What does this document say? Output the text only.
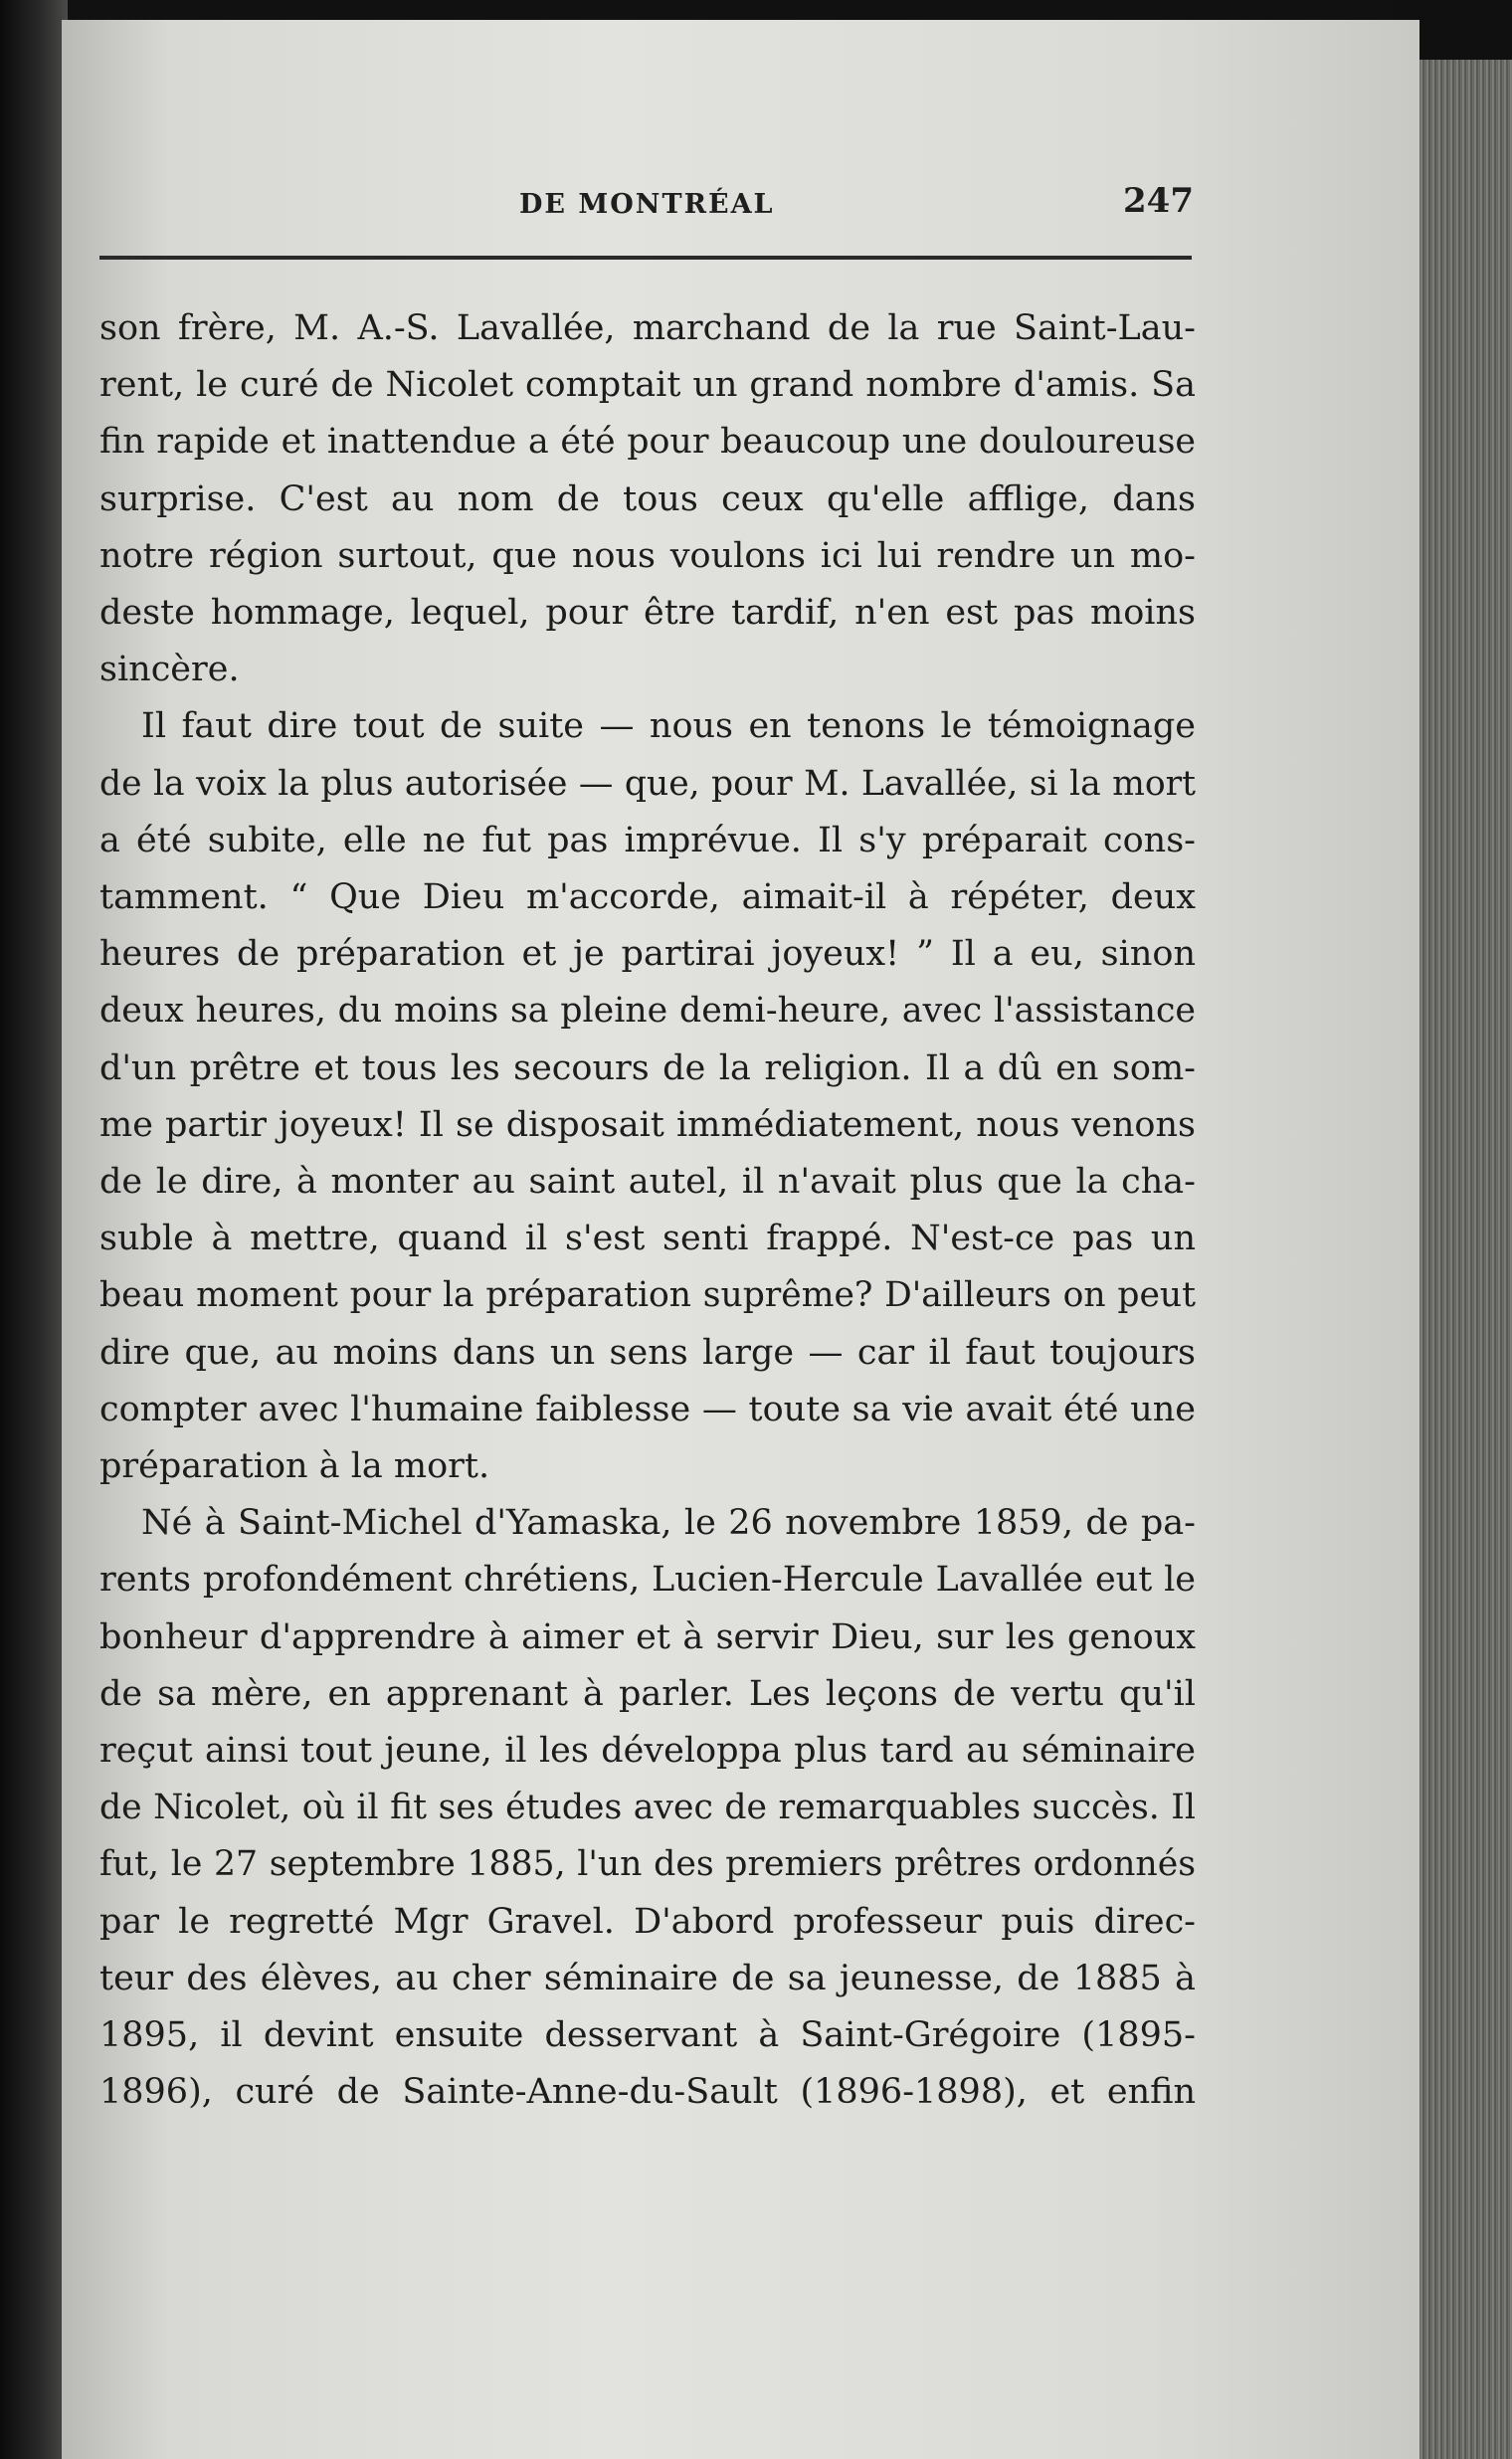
DE MONTRÉAL	247

son frère, M. A.-S. Lavallée, marchand de la rue Saint-Lau-

rent, le curé de Nicolet comptait un grand nombre d'amis. Sa

fin rapide et inattendue a été pour beaucoup une douloureuse

surprise. C'est au nom de tous ceux qu'elle afflige, dans

notre région surtout, que nous voulons ici lui rendre un mo-

deste hommage, lequel, pour être tardif, n'en est pas moins

sincère.

Il faut dire tout de suite — nous en tenons le témoignage

de la voix la plus autorisée — que, pour M. Lavallée, si la mort

a été subite, elle ne fut pas imprévue. Il s'y préparait cons-

tamment. “ Que Dieu m'accorde, aimait-il à répéter, deux

heures de préparation et je partirai joyeux! ” Il a eu, sinon

deux heures, du moins sa pleine demi-heure, avec l'assistance

d'un prêtre et tous les secours de la religion. Il a dû en som-

me partir joyeux! Il se disposait immédiatement, nous venons

de le dire, à monter au saint autel, il n'avait plus que la cha-

suble à mettre, quand il s'est senti frappé. N'est-ce pas un

beau moment pour la préparation suprême? D'ailleurs on peut

dire que, au moins dans un sens large — car il faut toujours

compter avec l'humaine faiblesse — toute sa vie avait été une

préparation à la mort.

Né à Saint-Michel d'Yamaska, le 26 novembre 1859, de pa-

rents profondément chrétiens, Lucien-Hercule Lavallée eut le

bonheur d'apprendre à aimer et à servir Dieu, sur les genoux

de sa mère, en apprenant à parler. Les leçons de vertu qu'il

reçut ainsi tout jeune, il les développa plus tard au séminaire

de Nicolet, où il fit ses études avec de remarquables succès. Il

fut, le 27 septembre 1885, l'un des premiers prêtres ordonnés

par le regretté Mgr Gravel. D'abord professeur puis direc-

teur des élèves, au cher séminaire de sa jeunesse, de 1885 à

1895, il devint ensuite desservant à Saint-Grégoire (1895-

1896), curé de Sainte-Anne-du-Sault (1896-1898), et enfin
